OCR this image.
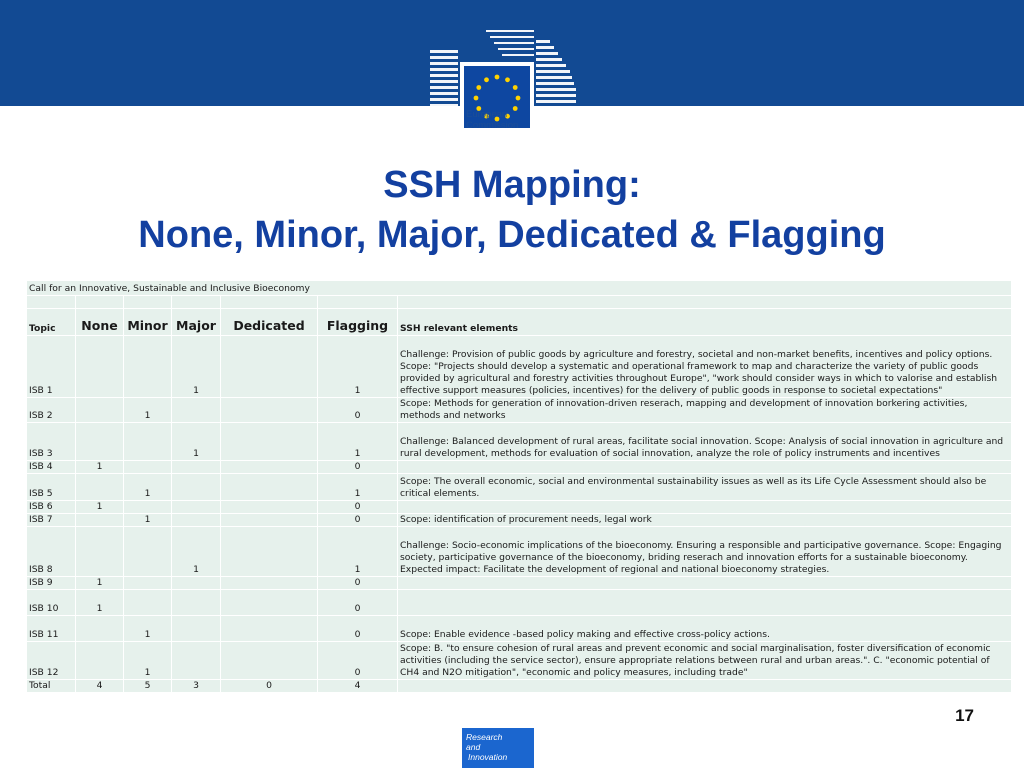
European
Commission
SSH Mapping:
None, Minor, Major, Dedicated & Flagging
Call for an Innovative, Sustainable and Inclusive Bioeconomy						

Topic	None	Minor	Major	Dedicated	Flagging	SSH relevant elements
ISB 1			1		1	Challenge: Provision of public goods by agriculture and forestry, societal and non-market benefits, incentives and policy options. Scope: "Projects should develop a systematic and operational framework to map and characterize the variety of public goods provided by agricultural and forestry activities throughout Europe", "work should consider ways in which to valorise and establish effective support measures (policies, incentives) for the delivery of public goods in response to societal expectations"
ISB 2		1			0	Scope: Methods for generation of innovation-driven reserach, mapping and development of innovation borkering activities, methods and networks
ISB 3			1		1	Challenge: Balanced development of rural areas, facilitate social innovation. Scope: Analysis of social innovation in agriculture and rural development, methods for evaluation of social innovation, analyze the role of policy instruments and incentives
ISB 4	1				0	
ISB 5		1			1	Scope: The overall economic, social and environmental sustainability issues as well as its Life Cycle Assessment should also be critical elements.
ISB 6	1				0	
ISB 7		1			0	Scope: identification of procurement needs, legal work
ISB 8			1		1	Challenge: Socio-economic implications of the bioeconomy. Ensuring a responsible and participative governance. Scope: Engaging society, participative governance of the bioeconomy, briding reserach and innovation efforts for a sustainable bioeconomy. Expected impact: Facilitate the development of regional and national bioeconomy strategies.
ISB 9	1				0	
ISB 10	1				0	
ISB 11		1			0	Scope: Enable evidence -based policy making and effective cross-policy actions.
ISB 12		1			0	Scope: B. "to ensure cohesion of rural areas and prevent economic and social marginalisation, foster diversification of economic activities (including the service sector), ensure appropriate relations between rural and urban areas.". C. "economic potential of CH4 and N2O mitigation", "economic and policy measures, including trade"
Total	4	5	3	0	4	
17
Research
and
Innovation
